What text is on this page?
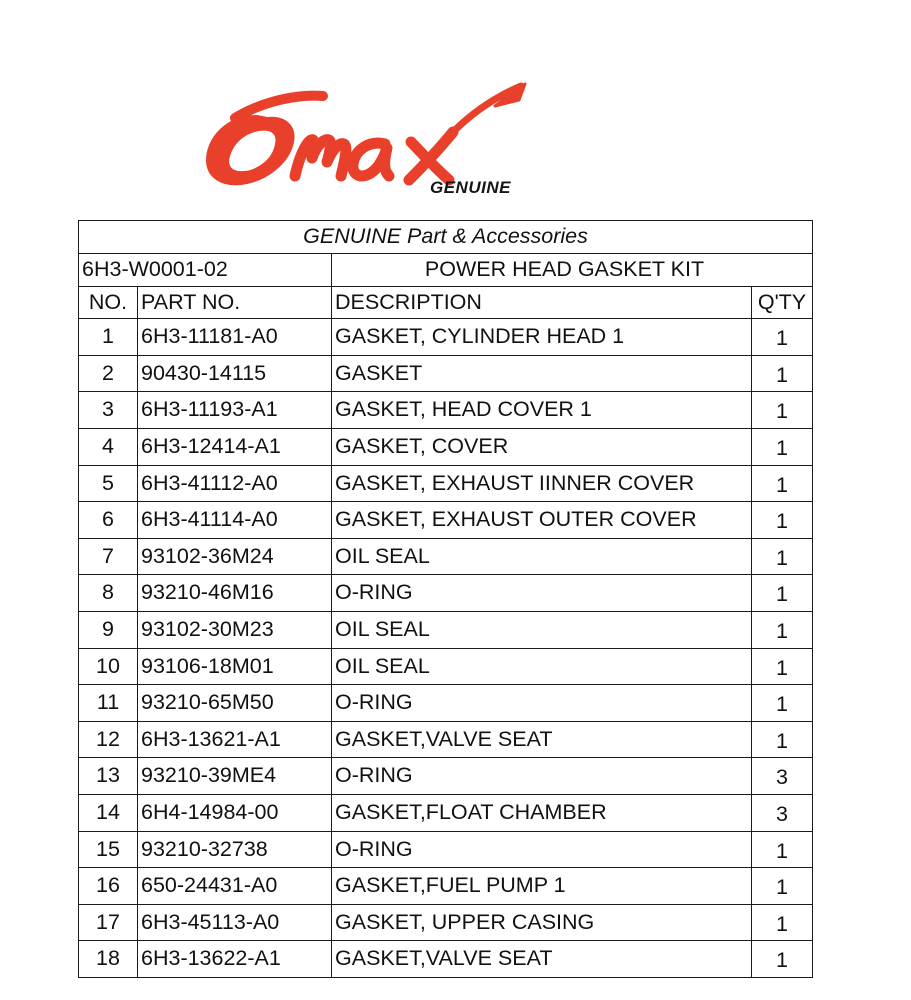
GENUINE
GENUINE Part & Accessories			
6H3-W0001-02		POWER HEAD GASKET KIT	
NO.	PART NO.	DESCRIPTION	Q'TY
1	6H3-11181-A0	GASKET, CYLINDER HEAD 1	1
2	90430-14115	GASKET	1
3	6H3-11193-A1	GASKET, HEAD COVER 1	1
4	6H3-12414-A1	GASKET, COVER	1
5	6H3-41112-A0	GASKET, EXHAUST IINNER COVER	1
6	6H3-41114-A0	GASKET, EXHAUST OUTER COVER	1
7	93102-36M24	OIL SEAL	1
8	93210-46M16	O-RING	1
9	93102-30M23	OIL SEAL	1
10	93106-18M01	OIL SEAL	1
11	93210-65M50	O-RING	1
12	6H3-13621-A1	GASKET,VALVE SEAT	1
13	93210-39ME4	O-RING	3
14	6H4-14984-00	GASKET,FLOAT CHAMBER	3
15	93210-32738	O-RING	1
16	650-24431-A0	GASKET,FUEL PUMP 1	1
17	6H3-45113-A0	GASKET, UPPER CASING	1
18	6H3-13622-A1	GASKET,VALVE SEAT	1
